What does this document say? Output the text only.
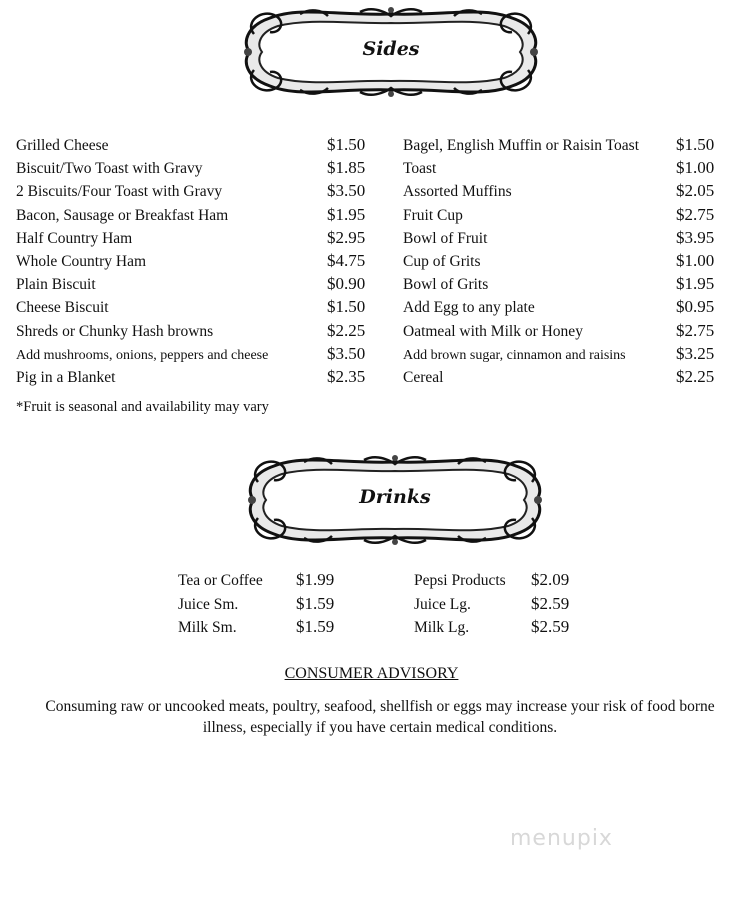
Sides
Grilled Cheese	$1.50
Biscuit/Two Toast with Gravy	$1.85
2 Biscuits/Four Toast with Gravy	$3.50
Bacon, Sausage or Breakfast Ham	$1.95
Half Country Ham	$2.95
Whole Country Ham	$4.75
Plain Biscuit	$0.90
Cheese Biscuit	$1.50
Shreds or Chunky Hash browns	$2.25
Add mushrooms, onions, peppers and cheese	$3.50
Pig in a Blanket	$2.35
Bagel, English Muffin or Raisin Toast $1.50
Toast	$1.00
Assorted Muffins	$2.05
Fruit Cup	$2.75
Bowl of Fruit	$3.95
Cup of Grits	$1.00
Bowl of Grits	$1.95
Add Egg to any plate	$0.95
Oatmeal with Milk or Honey	$2.75
Add brown sugar, cinnamon and raisins	$3.25
Cereal	$2.25
*Fruit is seasonal and availability may vary
Drinks
Tea or Coffee $1.99
Juice Sm.	$1.59
Milk Sm.	$1.59
Pepsi Products $2.09
Juice Lg.	$2.59
Milk Lg.	$2.59
CONSUMER ADVISORY
Consuming raw or uncooked meats, poultry, seafood, shellfish or eggs may increase your risk of food borne illness, especially if you have certain medical conditions.
menupix
